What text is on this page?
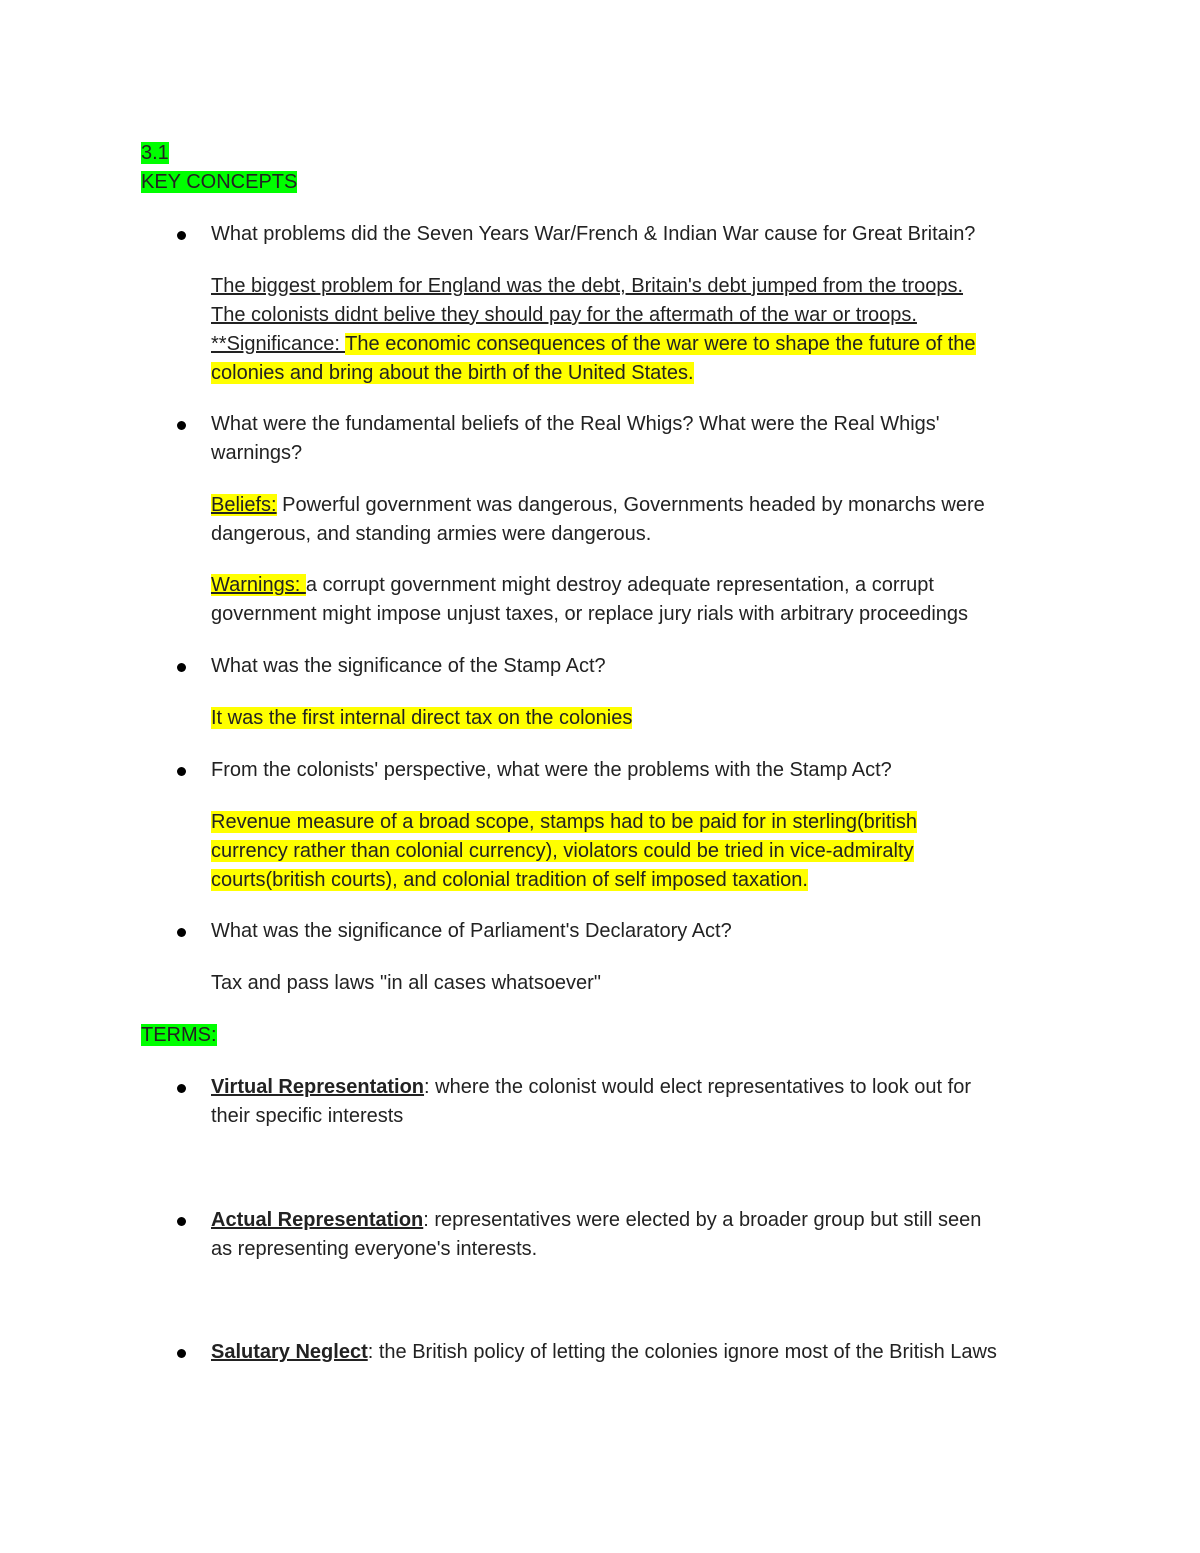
3.1
KEY CONCEPTS
What problems did the Seven Years War/French & Indian War cause for Great Britain?
The biggest problem for England was the debt, Britain's debt jumped from the troops.
The colonists didnt belive they should pay for the aftermath of the war or troops.
**Significance: The economic consequences of the war were to shape the future of the
colonies and bring about the birth of the United States.
What were the fundamental beliefs of the Real Whigs? What were the Real Whigs'
warnings?
Beliefs: Powerful government was dangerous, Governments headed by monarchs were
dangerous, and standing armies were dangerous.
Warnings: a corrupt government might destroy adequate representation, a corrupt
government might impose unjust taxes, or replace jury rials with arbitrary proceedings
What was the significance of the Stamp Act?
It was the first internal direct tax on the colonies
From the colonists' perspective, what were the problems with the Stamp Act?
Revenue measure of a broad scope, stamps had to be paid for in sterling(british
currency rather than colonial currency), violators could be tried in vice-admiralty
courts(british courts), and colonial tradition of self imposed taxation.
What was the significance of Parliament's Declaratory Act?
Tax and pass laws "in all cases whatsoever"
TERMS:
Virtual Representation: where the colonist would elect representatives to look out for
their specific interests
Actual Representation: representatives were elected by a broader group but still seen
as representing everyone's interests.
Salutary Neglect: the British policy of letting the colonies ignore most of the British Laws
